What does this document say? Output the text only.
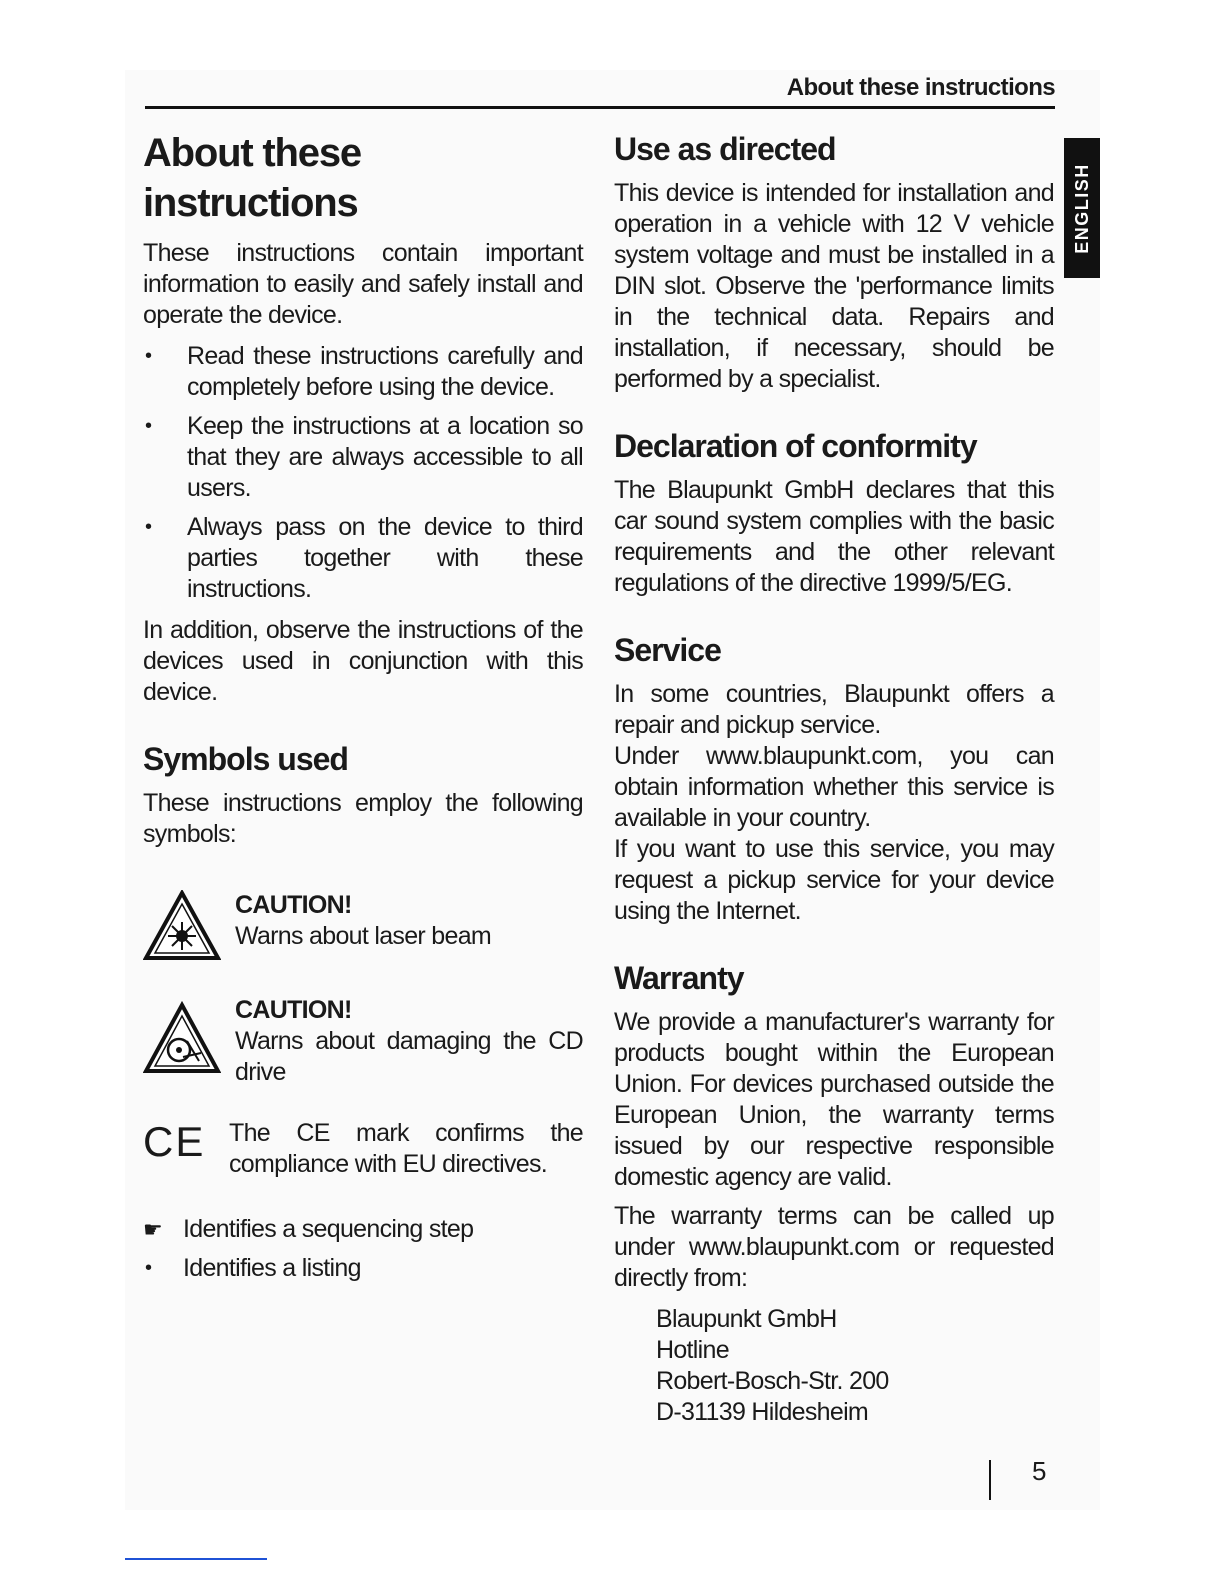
About these instructions
ENGLISH
About these instructions

These instructions contain important information to easily and safely install and operate the device.

• Read these instructions carefully and completely before using the device.
• Keep the instructions at a location so that they are always accessible to all users.
• Always pass on the device to third parties together with these instructions.

In addition, observe the instructions of the devices used in conjunction with this device.

Symbols used

These instructions employ the following symbols:

CAUTION!

Warns about laser beam

CAUTION!

Warns about damaging the CD drive

CE The CE mark confirms the compliance with EU directives.

☛ Identifies a sequencing step
•	Identifies a listing
Use as directed

This device is intended for installation and operation in a vehicle with 12 V vehicle system voltage and must be installed in a DIN slot. Observe the 'performance limits in the technical data. Repairs and installation, if necessary, should be performed by a specialist.

Declaration of conformity

The Blaupunkt GmbH declares that this car sound system complies with the basic requirements and the other relevant regulations of the directive 1999/5/EG.

Service

In some countries, Blaupunkt offers a repair and pickup service.

Under www.blaupunkt.com, you can obtain information whether this service is available in your country.

If you want to use this service, you may request a pickup service for your device using the Internet.

Warranty

We provide a manufacturer's warranty for products bought within the European Union. For devices purchased outside the European Union, the warranty terms issued by our respective responsible domestic agency are valid.

The warranty terms can be called up under www.blaupunkt.com or requested directly from:

Blaupunkt GmbH

Hotline

Robert-Bosch-Str. 200

D-31139 Hildesheim

5
